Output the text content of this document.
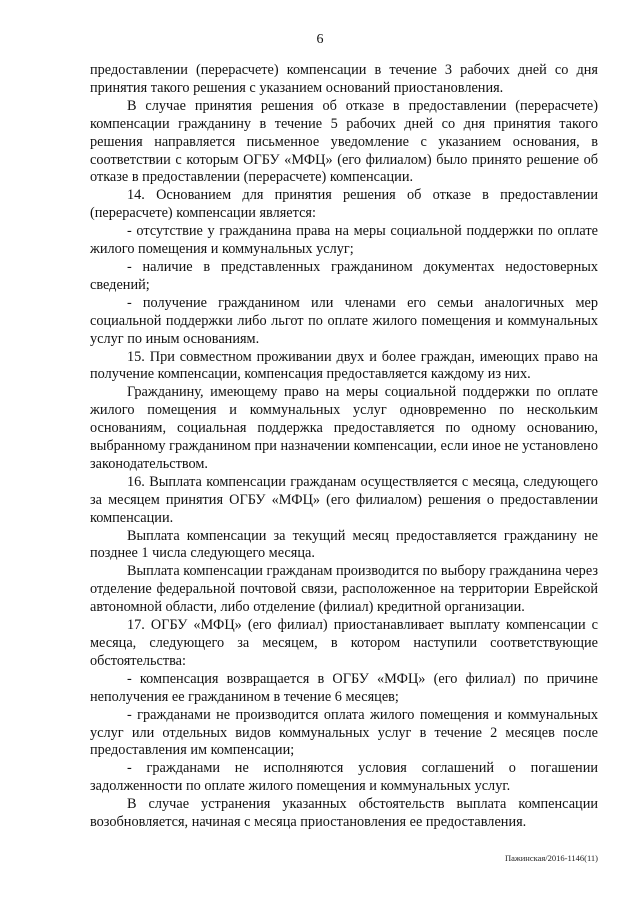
6

предоставлении (перерасчете) компенсации в течение 3 рабочих дней со дня принятия такого решения с указанием оснований приостановления.

В случае принятия решения об отказе в предоставлении (перерасчете) компенсации гражданину в течение 5 рабочих дней со дня принятия такого решения направляется письменное уведомление с указанием основания, в соответствии с которым ОГБУ «МФЦ» (его филиалом) было принято решение об отказе в предоставлении (перерасчете) компенсации.

14. Основанием для принятия решения об отказе в предоставлении (перерасчете) компенсации является:

- отсутствие у гражданина права на меры социальной поддержки по оплате жилого помещения и коммунальных услуг;

- наличие в представленных гражданином документах недостоверных сведений;

- получение гражданином или членами его семьи аналогичных мер социальной поддержки либо льгот по оплате жилого помещения и коммунальных услуг по иным основаниям.

15. При совместном проживании двух и более граждан, имеющих право на получение компенсации, компенсация предоставляется каждому из них.

Гражданину, имеющему право на меры социальной поддержки по оплате жилого помещения и коммунальных услуг одновременно по нескольким основаниям, социальная поддержка предоставляется по одному основанию, выбранному гражданином при назначении компенсации, если иное не установлено законодательством.

16. Выплата компенсации гражданам осуществляется с месяца, следующего за месяцем принятия ОГБУ «МФЦ» (его филиалом) решения о предоставлении компенсации.

Выплата компенсации за текущий месяц предоставляется гражданину не позднее 1 числа следующего месяца.

Выплата компенсации гражданам производится по выбору гражданина через отделение федеральной почтовой связи, расположенное на территории Еврейской автономной области, либо отделение (филиал) кредитной организации.

17. ОГБУ «МФЦ» (его филиал) приостанавливает выплату компенсации с месяца, следующего за месяцем, в котором наступили соответствующие обстоятельства:

- компенсация возвращается в ОГБУ «МФЦ» (его филиал) по причине неполучения ее гражданином в течение 6 месяцев;

- гражданами не производится оплата жилого помещения и коммунальных услуг или отдельных видов коммунальных услуг в течение 2 месяцев после предоставления им компенсации;

- гражданами не исполняются условия соглашений о погашении задолженности по оплате жилого помещения и коммунальных услуг.

В случае устранения указанных обстоятельств выплата компенсации возобновляется, начиная с месяца приостановления ее предоставления.

Пажинская/2016-1146(11)
